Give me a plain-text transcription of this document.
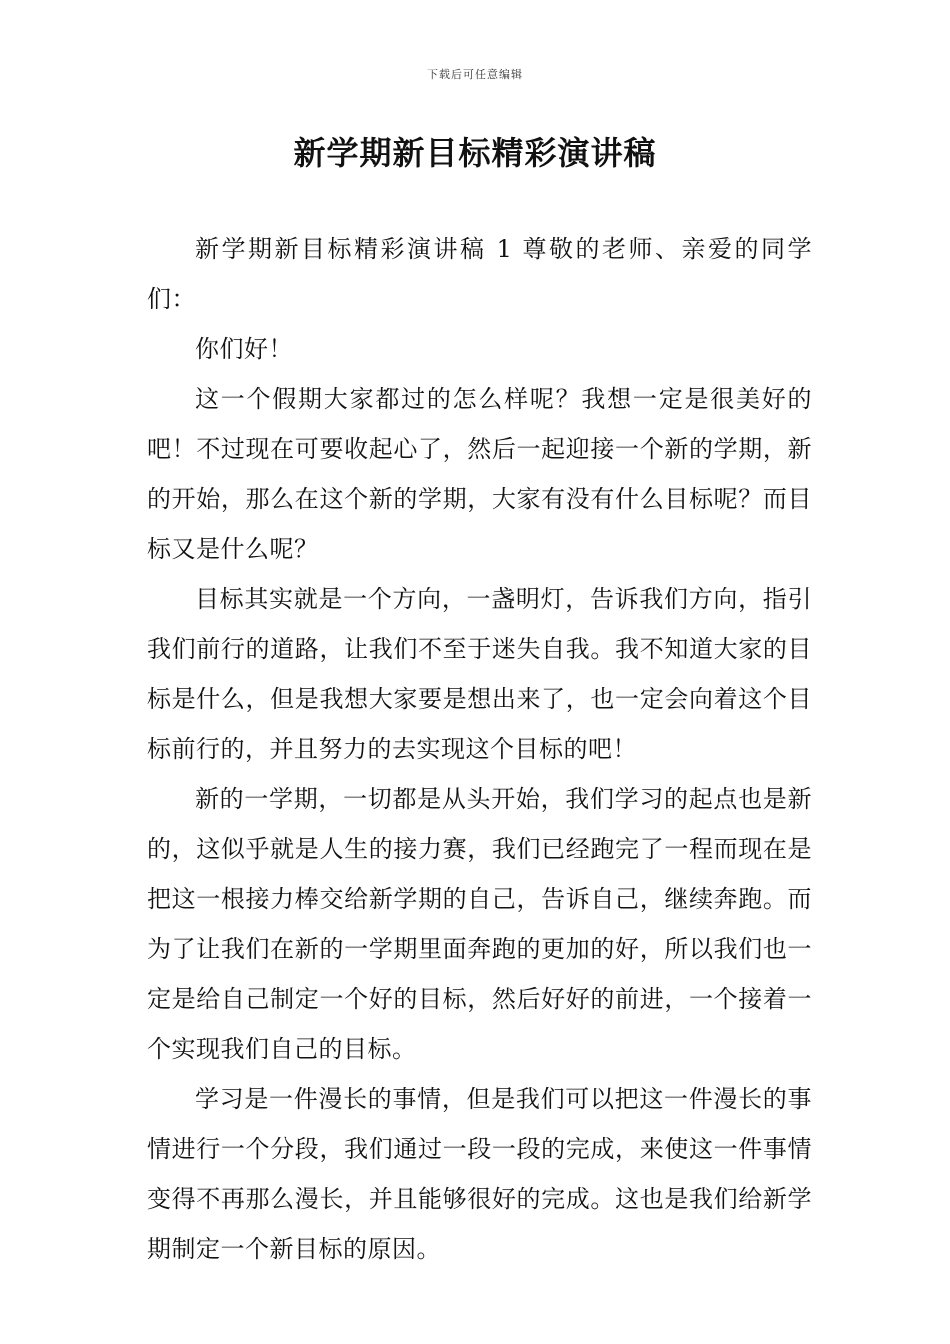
下载后可任意编辑
新学期新目标精彩演讲稿

新学期新目标精彩演讲稿 1 尊敬的老师、亲爱的同学们：

你们好！

这一个假期大家都过的怎么样呢？我想一定是很美好的吧！不过现在可要收起心了，然后一起迎接一个新的学期，新的开始，那么在这个新的学期，大家有没有什么目标呢？而目标又是什么呢？

目标其实就是一个方向，一盏明灯，告诉我们方向，指引我们前行的道路，让我们不至于迷失自我。我不知道大家的目标是什么，但是我想大家要是想出来了，也一定会向着这个目标前行的，并且努力的去实现这个目标的吧！

新的一学期，一切都是从头开始，我们学习的起点也是新的，这似乎就是人生的接力赛，我们已经跑完了一程而现在是把这一根接力棒交给新学期的自己，告诉自己，继续奔跑。而为了让我们在新的一学期里面奔跑的更加的好，所以我们也一定是给自己制定一个好的目标，然后好好的前进，一个接着一个实现我们自己的目标。

学习是一件漫长的事情，但是我们可以把这一件漫长的事情进行一个分段，我们通过一段一段的完成，来使这一件事情变得不再那么漫长，并且能够很好的完成。这也是我们给新学期制定一个新目标的原因。
